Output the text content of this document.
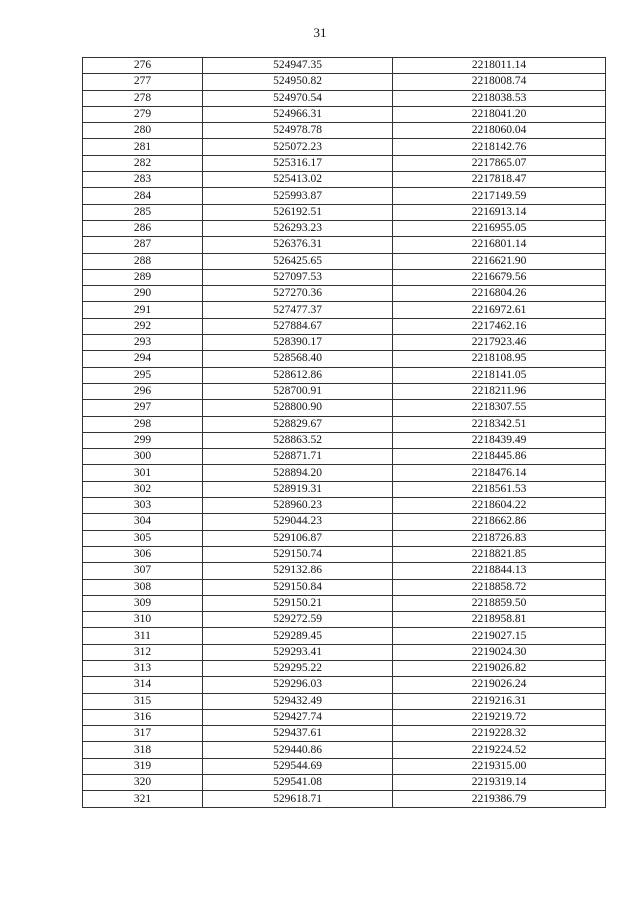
31
276	524947.35	2218011.14
277	524950.82	2218008.74
278	524970.54	2218038.53
279	524966.31	2218041.20
280	524978.78	2218060.04
281	525072.23	2218142.76
282	525316.17	2217865.07
283	525413.02	2217818.47
284	525993.87	2217149.59
285	526192.51	2216913.14
286	526293.23	2216955.05
287	526376.31	2216801.14
288	526425.65	2216621.90
289	527097.53	2216679.56
290	527270.36	2216804.26
291	527477.37	2216972.61
292	527884.67	2217462.16
293	528390.17	2217923.46
294	528568.40	2218108.95
295	528612.86	2218141.05
296	528700.91	2218211.96
297	528800.90	2218307.55
298	528829.67	2218342.51
299	528863.52	2218439.49
300	528871.71	2218445.86
301	528894.20	2218476.14
302	528919.31	2218561.53
303	528960.23	2218604.22
304	529044.23	2218662.86
305	529106.87	2218726.83
306	529150.74	2218821.85
307	529132.86	2218844.13
308	529150.84	2218858.72
309	529150.21	2218859.50
310	529272.59	2218958.81
311	529289.45	2219027.15
312	529293.41	2219024.30
313	529295.22	2219026.82
314	529296.03	2219026.24
315	529432.49	2219216.31
316	529427.74	2219219.72
317	529437.61	2219228.32
318	529440.86	2219224.52
319	529544.69	2219315.00
320	529541.08	2219319.14
321	529618.71	2219386.79
